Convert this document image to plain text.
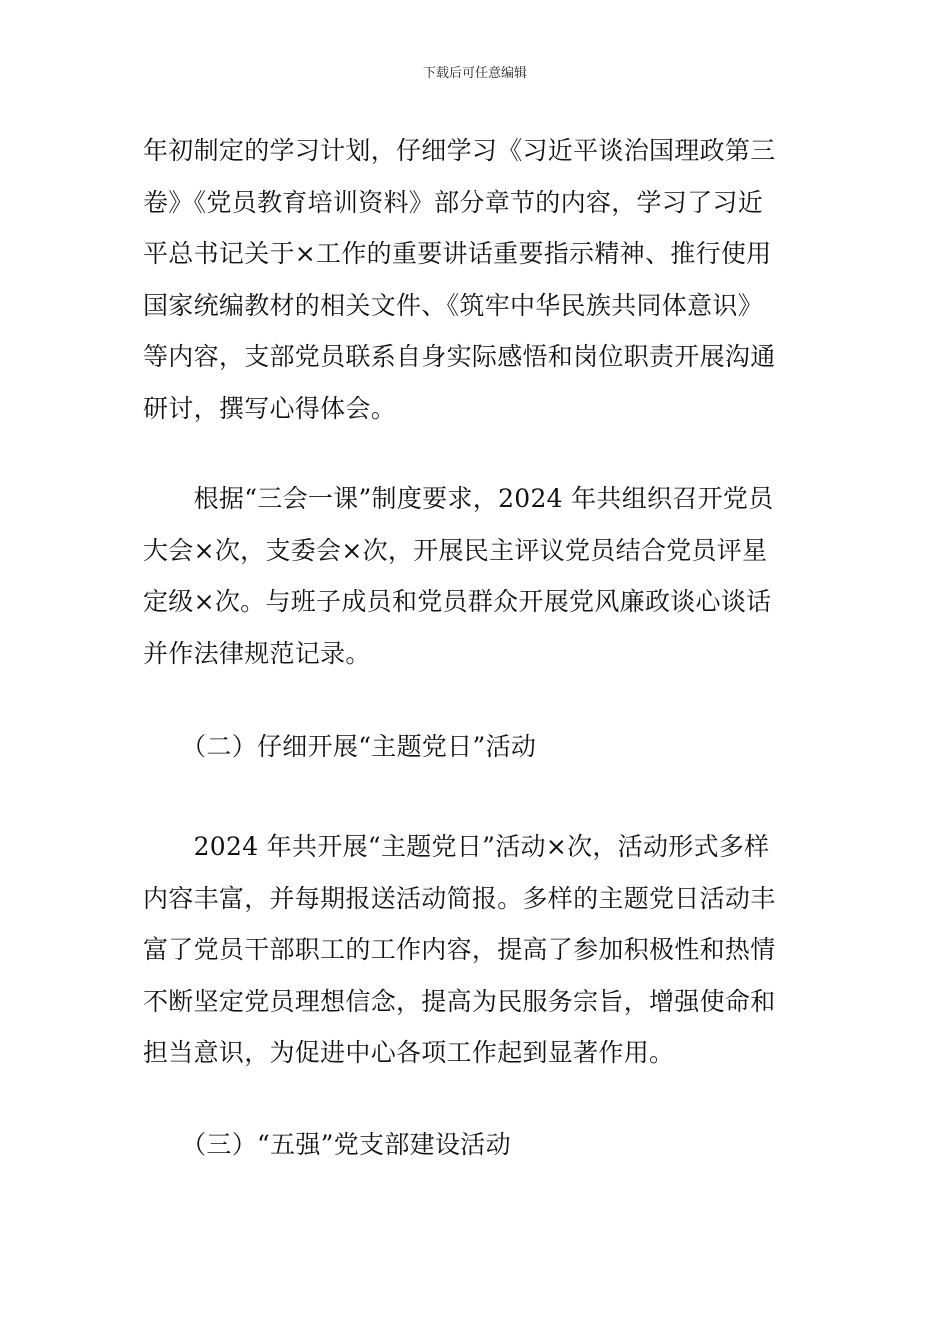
下载后可任意编辑
年初制定的学习计划，仔细学习《习近平谈治国理政第三
卷》《党员教育培训资料》部分章节的内容，学习了习近
平总书记关于×工作的重要讲话重要指示精神、推行使用
国家统编教材的相关文件、《筑牢中华民族共同体意识》
等内容，支部党员联系自身实际感悟和岗位职责开展沟通
研讨，撰写心得体会。
　　根据“三会一课”制度要求，2024 年共组织召开党员
大会×次，支委会×次，开展民主评议党员结合党员评星
定级×次。与班子成员和党员群众开展党风廉政谈心谈话
并作法律规范记录。
　　（二）仔细开展“主题党日”活动
　　2024 年共开展“主题党日”活动×次，活动形式多样
内容丰富，并每期报送活动简报。多样的主题党日活动丰
富了党员干部职工的工作内容，提高了参加积极性和热情
不断坚定党员理想信念，提高为民服务宗旨，增强使命和
担当意识，为促进中心各项工作起到显著作用。
　　（三）“五强”党支部建设活动
